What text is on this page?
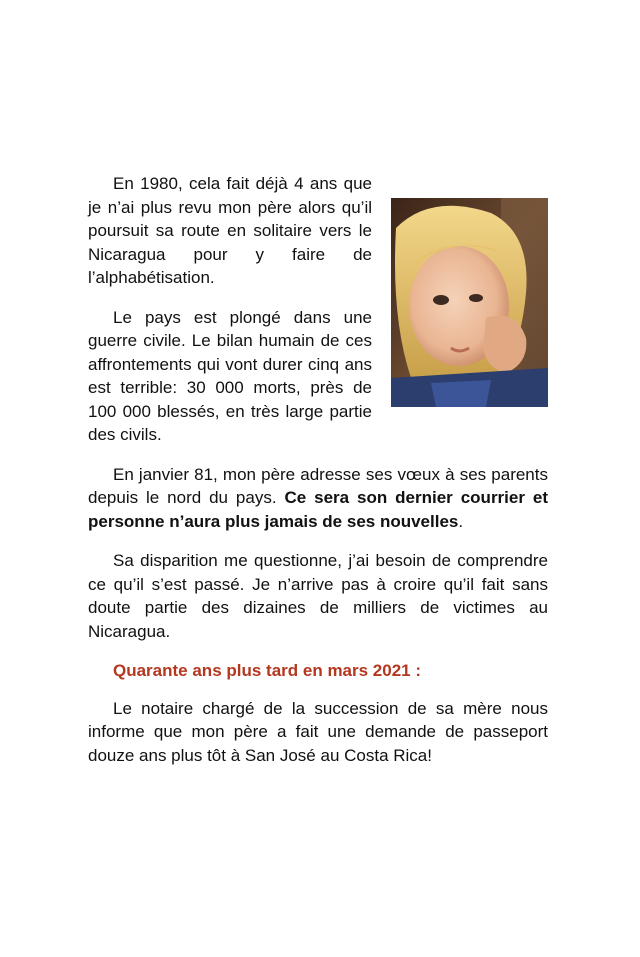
En 1980, cela fait déjà 4 ans que je n’ai plus revu mon père alors qu’il poursuit sa route en solitaire vers le Nicaragua pour y faire de l’alphabétisation.

Le pays est plongé dans une guerre civile. Le bilan humain de ces affrontements qui vont durer cinq ans est terrible: 30 000 morts, près de 100 000 blessés, en très large partie des civils.

En janvier 81, mon père adresse ses vœux à ses parents depuis le nord du pays. Ce sera son dernier courrier et personne n’aura plus jamais de ses nouvelles.

Sa disparition me questionne, j’ai besoin de comprendre ce qu’il s’est passé. Je n’arrive pas à croire qu’il fait sans doute partie des dizaines de milliers de victimes au Nicaragua.

Quarante ans plus tard en mars 2021 :

Le notaire chargé de la succession de sa mère nous informe que mon père a fait une demande de passeport douze ans plus tôt à San José au Costa Rica!
